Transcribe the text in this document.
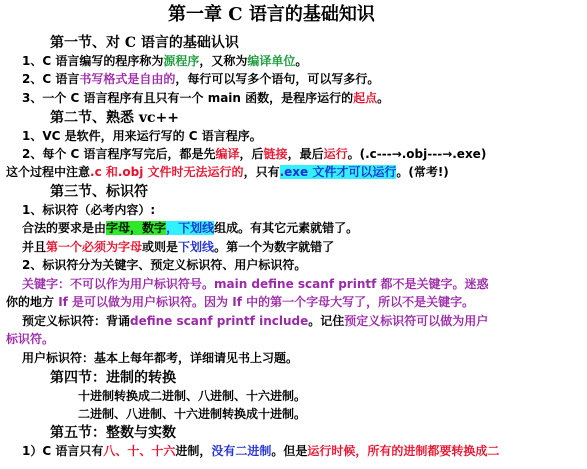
第一章 C 语言的基础知识
第一节、对 C 语言的基础认识
1、C 语言编写的程序称为源程序，又称为编译单位。
2、C 语言书写格式是自由的，每行可以写多个语句，可以写多行。
3、一个 C 语言程序有且只有一个 main 函数，是程序运行的起点。
第二节、熟悉 vc++
1、VC 是软件，用来运行写的 C 语言程序。
2、每个 C 语言程序写完后，都是先编译，后链接，最后运行。(.c---→.obj---→.exe)
这个过程中注意.c 和.obj 文件时无法运行的，只有.exe 文件才可以运行。(常考!)
第三节、标识符
1、标识符（必考内容）:
合法的要求是由字母，数字，下划线组成。有其它元素就错了。
并且第一个必须为字母或则是下划线。第一个为数字就错了
2、标识符分为关键字、预定义标识符、用户标识符。
关键字：不可以作为用户标识符号。main define scanf printf 都不是关键字。迷惑
你的地方 If 是可以做为用户标识符。因为 If 中的第一个字母大写了，所以不是关键字。
预定义标识符：背诵define scanf printf include。记住预定义标识符可以做为用户
标识符。
用户标识符：基本上每年都考，详细请见书上习题。
第四节：进制的转换
十进制转换成二进制、八进制、十六进制。
二进制、八进制、十六进制转换成十进制。
第五节：整数与实数
1）C 语言只有八、十、十六进制，没有二进制。但是运行时候，所有的进制都要转换成二
